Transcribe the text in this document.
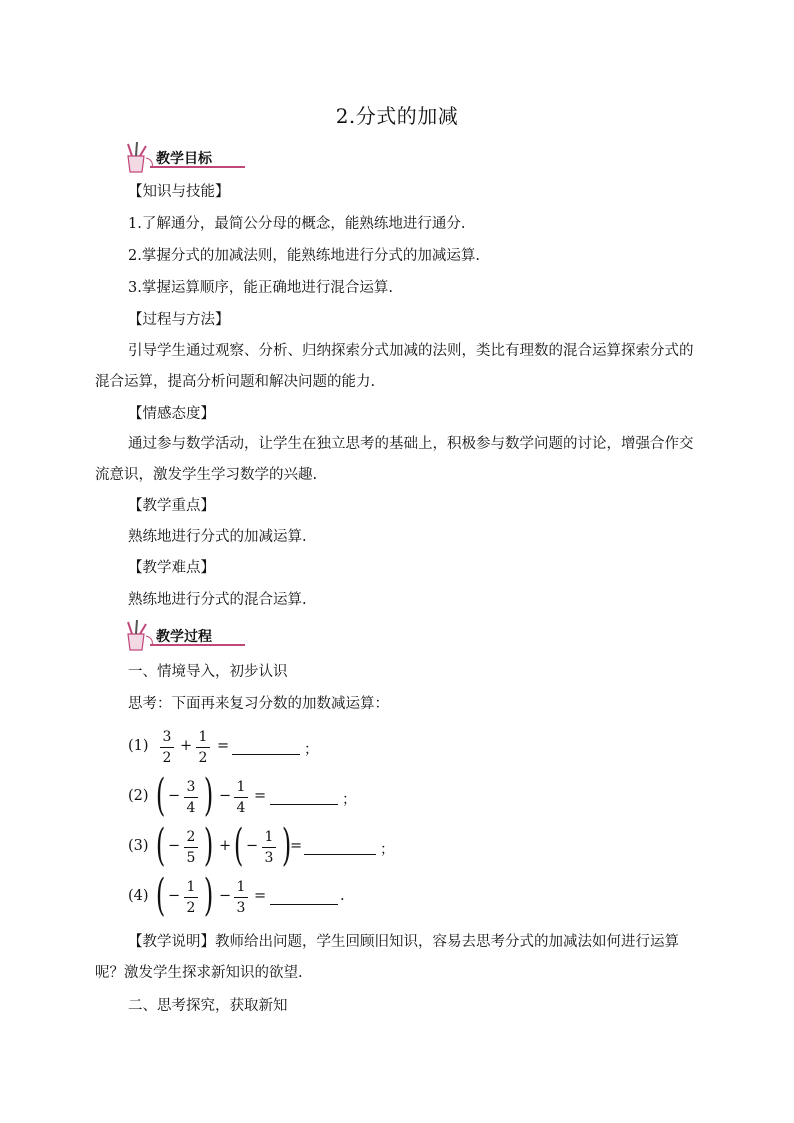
2.分式的加减
教学目标
【知识与技能】
1.了解通分，最简公分母的概念，能熟练地进行通分.
2.掌握分式的加减法则，能熟练地进行分式的加减运算.
3.掌握运算顺序，能正确地进行混合运算.
【过程与方法】
引导学生通过观察、分析、归纳探索分式加减的法则，类比有理数的混合运算探索分式的混合运算，提高分析问题和解决问题的能力.
【情感态度】
通过参与数学活动，让学生在独立思考的基础上，积极参与数学问题的讨论，增强合作交流意识，激发学生学习数学的兴趣.
【教学重点】
熟练地进行分式的加减运算.
【教学难点】
熟练地进行分式的混合运算.
教学过程
一、情境导入，初步认识
思考：下面再来复习分数的加数减运算：
(1)
3
2
+
1
2
=	；
(2) ( −
3
4 ) −
1
4
=	；
(3) ( −
2
5 ) + ( −
1
3 )
=	；
(4) ( −
1
2 ) −
1
3
=	.
【教学说明】教师给出问题，学生回顾旧知识，容易去思考分式的加减法如何进行运算呢？激发学生探求新知识的欲望.
二、思考探究，获取新知
